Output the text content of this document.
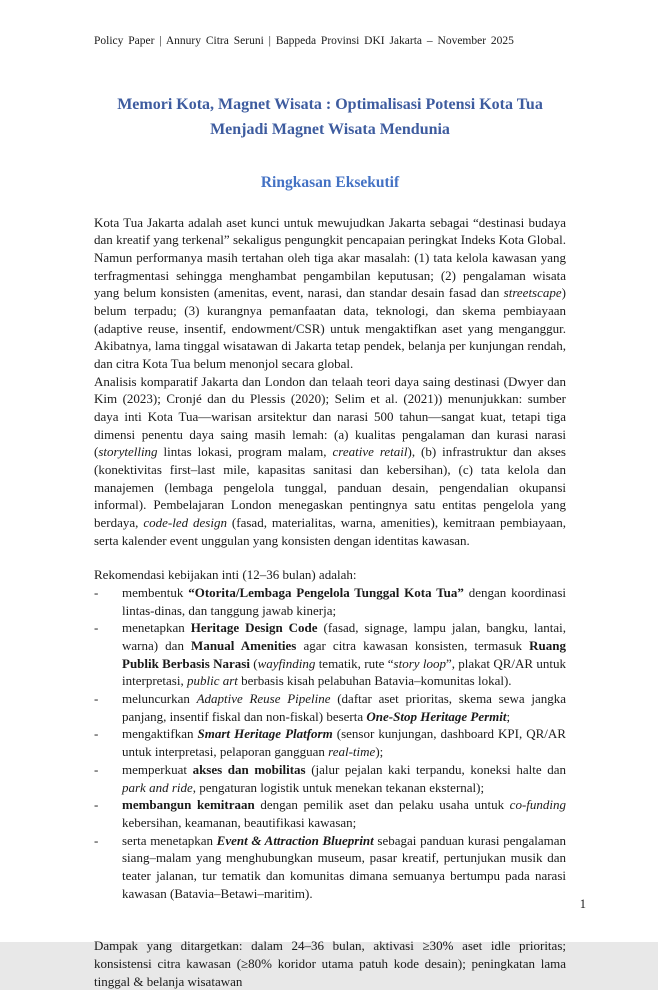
Policy Paper | Annury Citra Seruni | Bappeda Provinsi DKI Jakarta – November 2025
Memori Kota, Magnet Wisata : Optimalisasi Potensi Kota Tua
Menjadi Magnet Wisata Mendunia
Ringkasan Eksekutif
Kota Tua Jakarta adalah aset kunci untuk mewujudkan Jakarta sebagai “destinasi budaya dan kreatif yang terkenal” sekaligus pengungkit pencapaian peringkat Indeks Kota Global. Namun performanya masih tertahan oleh tiga akar masalah: (1) tata kelola kawasan yang terfragmentasi sehingga menghambat pengambilan keputusan; (2) pengalaman wisata yang belum konsisten (amenitas, event, narasi, dan standar desain fasad dan streetscape) belum terpadu; (3) kurangnya pemanfaatan data, teknologi, dan skema pembiayaan (adaptive reuse, insentif, endowment/CSR) untuk mengaktifkan aset yang menganggur. Akibatnya, lama tinggal wisatawan di Jakarta tetap pendek, belanja per kunjungan rendah, dan citra Kota Tua belum menonjol secara global.
Analisis komparatif Jakarta dan London dan telaah teori daya saing destinasi (Dwyer dan Kim (2023); Cronjé dan du Plessis (2020); Selim et al. (2021)) menunjukkan: sumber daya inti Kota Tua—warisan arsitektur dan narasi 500 tahun—sangat kuat, tetapi tiga dimensi penentu daya saing masih lemah: (a) kualitas pengalaman dan kurasi narasi (storytelling lintas lokasi, program malam, creative retail), (b) infrastruktur dan akses (konektivitas first–last mile, kapasitas sanitasi dan kebersihan), (c) tata kelola dan manajemen (lembaga pengelola tunggal, panduan desain, pengendalian okupansi informal). Pembelajaran London menegaskan pentingnya satu entitas pengelola yang berdaya, code-led design (fasad, materialitas, warna, amenities), kemitraan pembiayaan, serta kalender event unggulan yang konsisten dengan identitas kawasan.
Rekomendasi kebijakan inti (12–36 bulan) adalah:
-	membentuk “Otorita/Lembaga Pengelola Tunggal Kota Tua” dengan koordinasi lintas-dinas, dan tanggung jawab kinerja;
-	menetapkan Heritage Design Code (fasad, signage, lampu jalan, bangku, lantai, warna) dan Manual Amenities agar citra kawasan konsisten, termasuk Ruang Publik Berbasis Narasi (wayfinding tematik, rute “story loop”, plakat QR/AR untuk interpretasi, public art berbasis kisah pelabuhan Batavia–komunitas lokal).
-	meluncurkan Adaptive Reuse Pipeline (daftar aset prioritas, skema sewa jangka panjang, insentif fiskal dan non-fiskal) beserta One-Stop Heritage Permit;
-	mengaktifkan Smart Heritage Platform (sensor kunjungan, dashboard KPI, QR/AR untuk interpretasi, pelaporan gangguan real-time);
-	memperkuat akses dan mobilitas (jalur pejalan kaki terpandu, koneksi halte dan park and ride, pengaturan logistik untuk menekan tekanan eksternal);
-	membangun kemitraan dengan pemilik aset dan pelaku usaha untuk co-funding kebersihan, keamanan, beautifikasi kawasan;
-	serta menetapkan Event & Attraction Blueprint sebagai panduan kurasi pengalaman siang–malam yang menghubungkan museum, pasar kreatif, pertunjukan musik dan teater jalanan, tur tematik dan komunitas dimana semuanya bertumpu pada narasi kawasan (Batavia–Betawi–maritim).
Dampak yang ditargetkan: dalam 24–36 bulan, aktivasi ≥30% aset idle prioritas; konsistensi citra kawasan (≥80% koridor utama patuh kode desain); peningkatan lama tinggal & belanja wisatawan
1
